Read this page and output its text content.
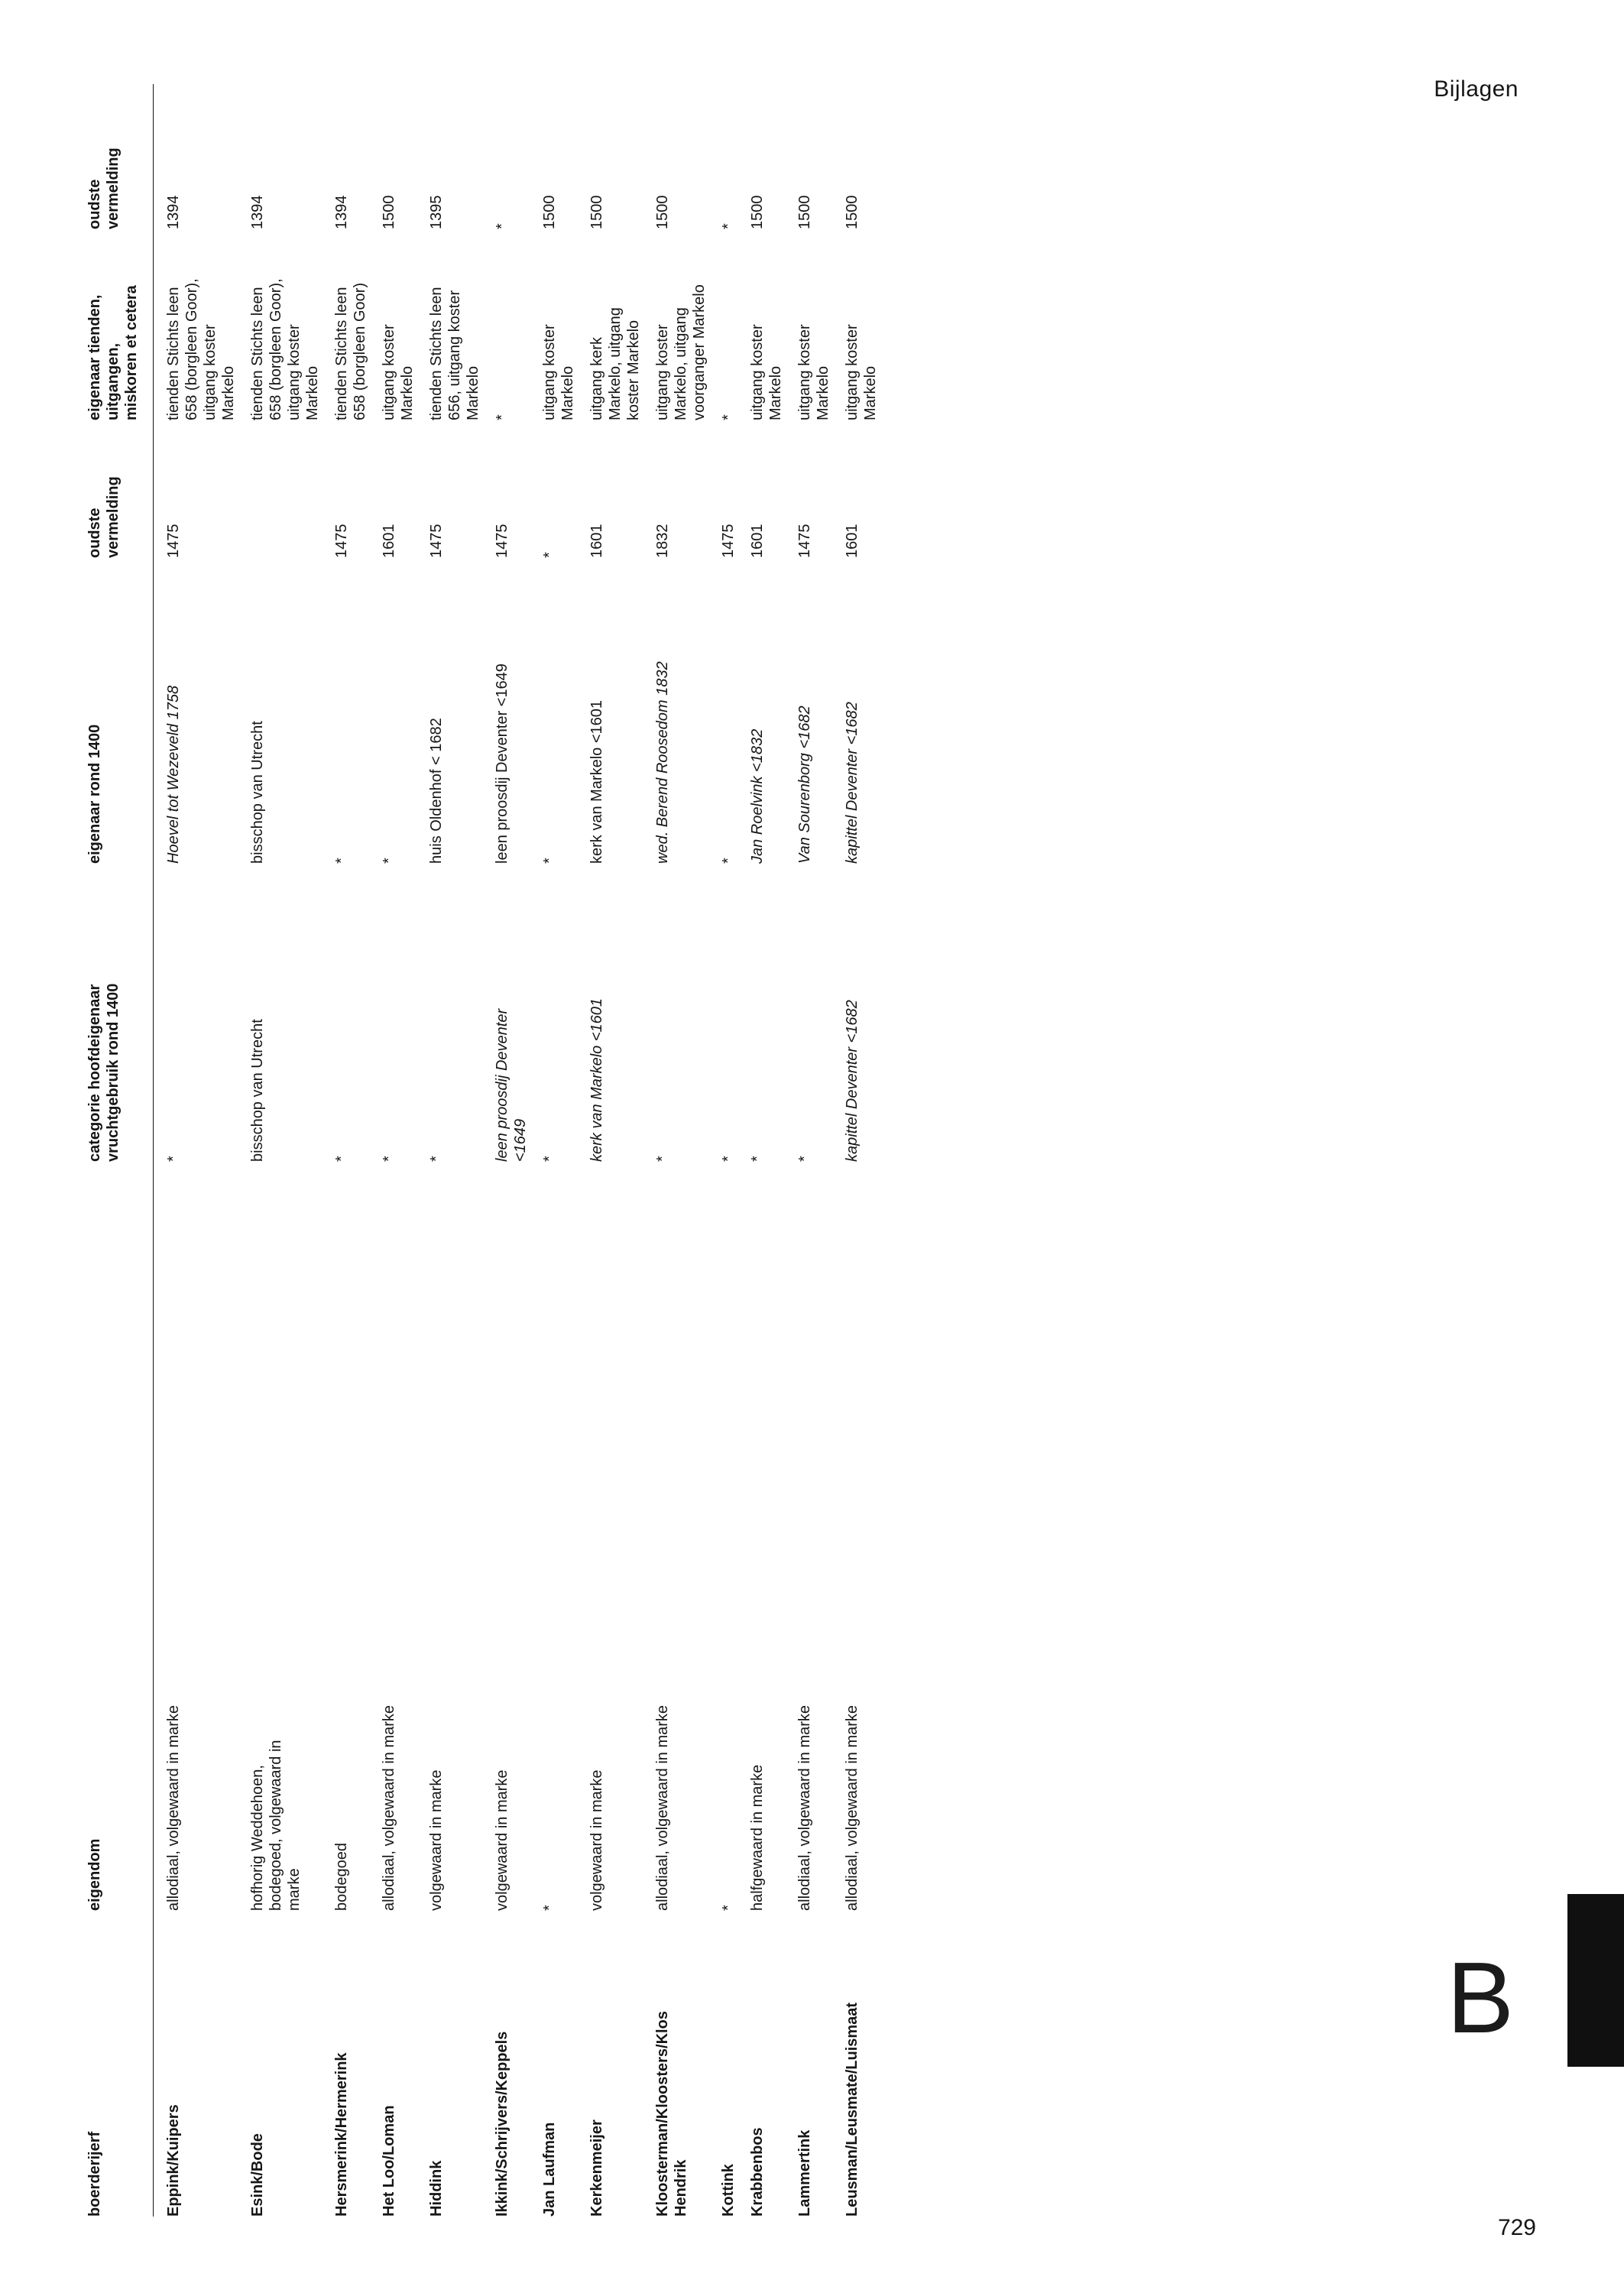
Bijlagen
boerderijerf
eigendom
categorie hoofdeigenaar vruchtgebruik rond 1400
eigenaar rond 1400
oudste vermelding
eigenaar tienden, uitgangen, miskoren et cetera
oudste vermelding
Eppink/Kuipers
allodiaal, volgewaard in marke
*
Hoevel tot Wezeveld 1758
1475
tienden Stichts leen 658 (borgleen Goor), uitgang koster Markelo
1394
Esink/Bode
hofhorig Weddehoen, bodegoed, volgewaard in marke
bisschop van Utrecht
bisschop van Utrecht
tienden Stichts leen 658 (borgleen Goor), uitgang koster Markelo
1394
Hersmerink/Hermerink
bodegoed
*
*
1475
tienden Stichts leen 658 (borgleen Goor)
1394
Het Loo/Loman
allodiaal, volgewaard in marke
*
*
1601
uitgang koster Markelo
1500
Hiddink
volgewaard in marke
*
huis Oldenhof < 1682
1475
tienden Stichts leen 656, uitgang koster Markelo
1395
Ikkink/Schrijvers/Keppels
volgewaard in marke
leen proosdij Deventer <1649
leen proosdij Deventer <1649
1475
*
*
Jan Laufman
*
*
*
*
uitgang koster Markelo
1500
Kerkenmeijer
volgewaard in marke
kerk van Markelo <1601
kerk van Markelo <1601
1601
uitgang kerk Markelo, uitgang koster Markelo
1500
Kloosterman/Kloosters/Klos Hendrik
allodiaal, volgewaard in marke
*
wed. Berend Roosedom 1832
1832
uitgang koster Markelo, uitgang voorganger Markelo
1500
Kottink
*
*
*
1475
*
*
Krabbenbos
halfgewaard in marke
*
Jan Roelvink <1832
1601
uitgang koster Markelo
1500
Lammertink
allodiaal, volgewaard in marke
*
Van Sourenborg <1682
1475
uitgang koster Markelo
1500
Leusman/Leusmate/Luismaat
allodiaal, volgewaard in marke
kapittel Deventer <1682
kapittel Deventer <1682
1601
uitgang koster Markelo
1500
B
729
